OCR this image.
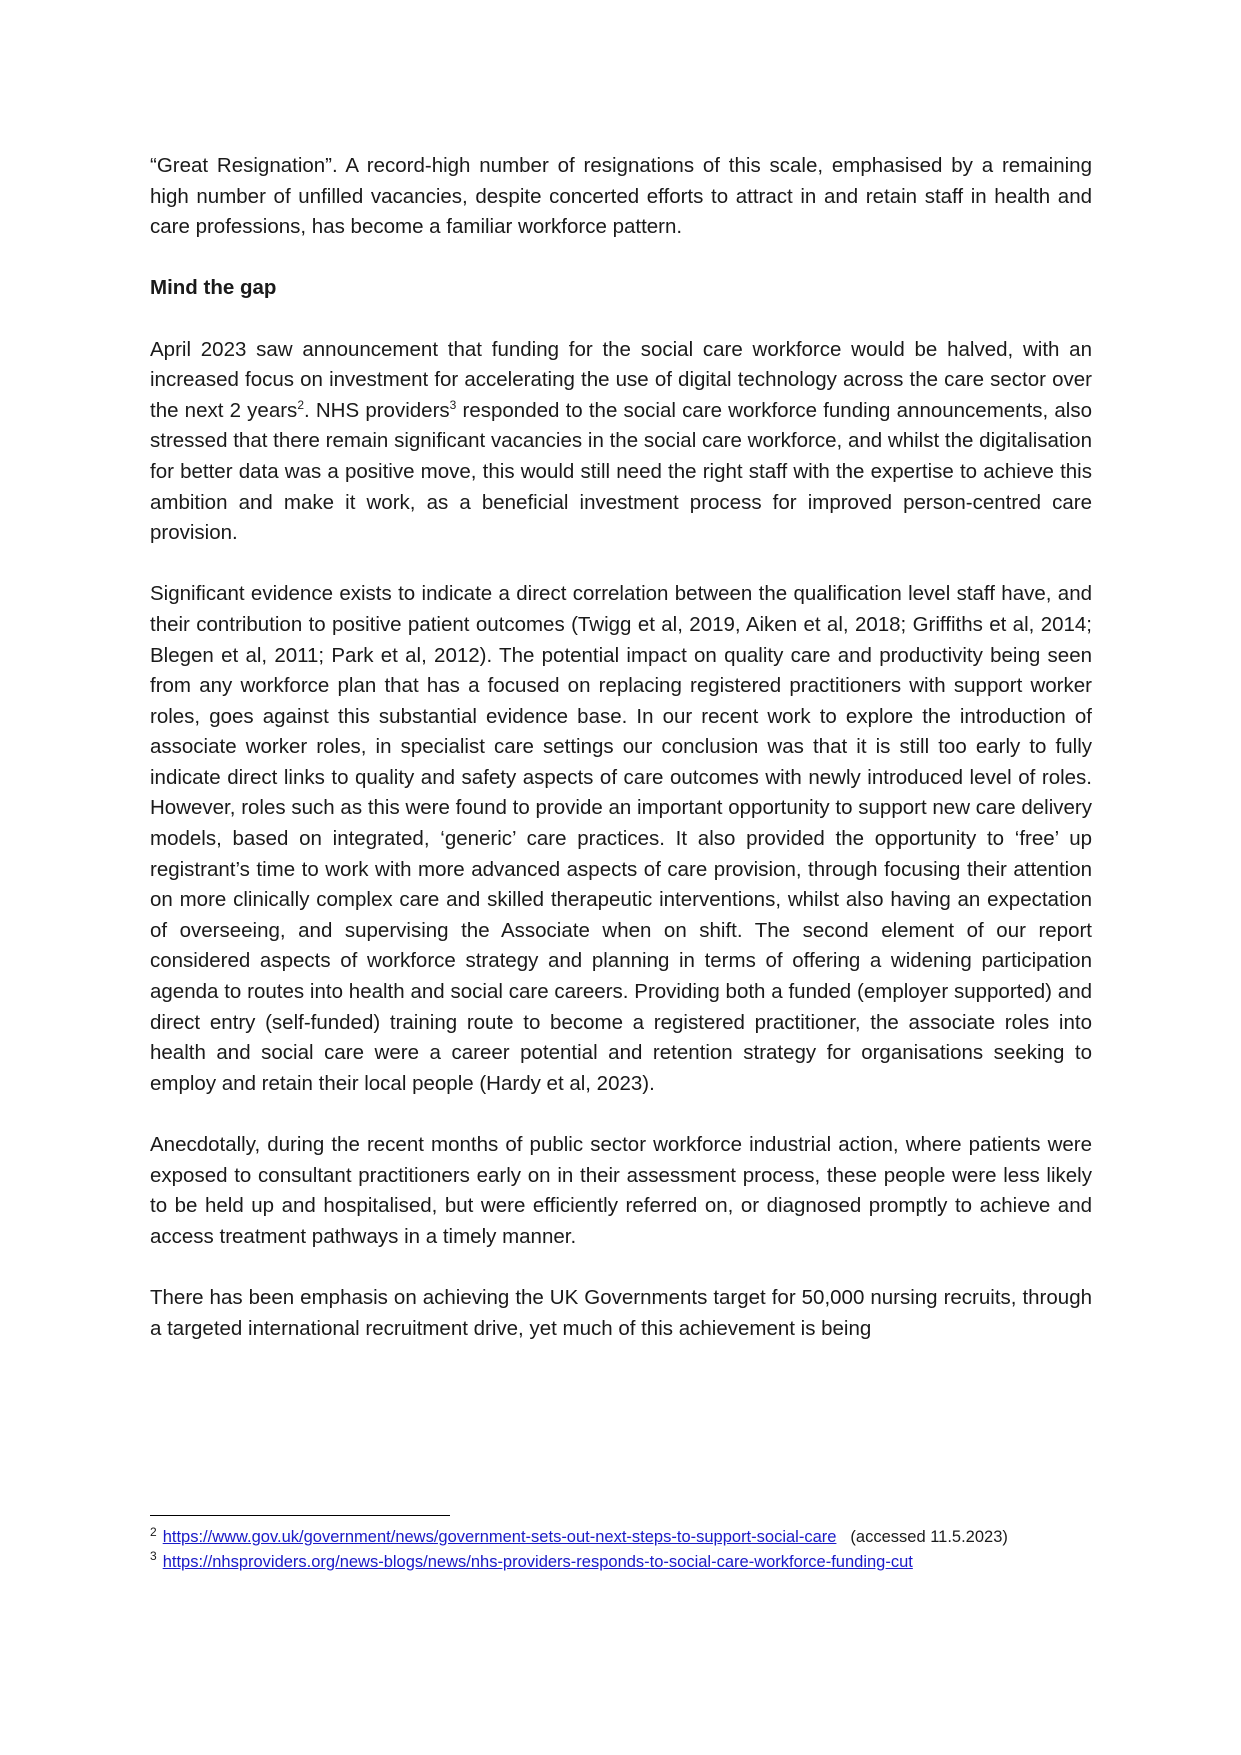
“Great Resignation”. A record-high number of resignations of this scale, emphasised by a remaining high number of unfilled vacancies, despite concerted efforts to attract in and retain staff in health and care professions, has become a familiar workforce pattern.

Mind the gap

April 2023 saw announcement that funding for the social care workforce would be halved, with an increased focus on investment for accelerating the use of digital technology across the care sector over the next 2 years$^2$. NHS providers$^3$ responded to the social care workforce funding announcements, also stressed that there remain significant vacancies in the social care workforce, and whilst the digitalisation for better data was a positive move, this would still need the right staff with the expertise to achieve this ambition and make it work, as a beneficial investment process for improved person-centred care provision.

Significant evidence exists to indicate a direct correlation between the qualification level staff have, and their contribution to positive patient outcomes (Twigg et al, 2019, Aiken et al, 2018; Griffiths et al, 2014; Blegen et al, 2011; Park et al, 2012). The potential impact on quality care and productivity being seen from any workforce plan that has a focused on replacing registered practitioners with support worker roles, goes against this substantial evidence base. In our recent work to explore the introduction of associate worker roles, in specialist care settings our conclusion was that it is still too early to fully indicate direct links to quality and safety aspects of care outcomes with newly introduced level of roles. However, roles such as this were found to provide an important opportunity to support new care delivery models, based on integrated, ‘generic’ care practices. It also provided the opportunity to ‘free’ up registrant’s time to work with more advanced aspects of care provision, through focusing their attention on more clinically complex care and skilled therapeutic interventions, whilst also having an expectation of overseeing, and supervising the Associate when on shift. The second element of our report considered aspects of workforce strategy and planning in terms of offering a widening participation agenda to routes into health and social care careers. Providing both a funded (employer supported) and direct entry (self-funded) training route to become a registered practitioner, the associate roles into health and social care were a career potential and retention strategy for organisations seeking to employ and retain their local people (Hardy et al, 2023).

Anecdotally, during the recent months of public sector workforce industrial action, where patients were exposed to consultant practitioners early on in their assessment process, these people were less likely to be held up and hospitalised, but were efficiently referred on, or diagnosed promptly to achieve and access treatment pathways in a timely manner.

There has been emphasis on achieving the UK Governments target for 50,000 nursing recruits, through a targeted international recruitment drive, yet much of this achievement is being

$^2$ https://www.gov.uk/government/news/government-sets-out-next-steps-to-support-social-care (accessed 11.5.2023)

$^3$ https://nhsproviders.org/news-blogs/news/nhs-providers-responds-to-social-care-workforce-funding-cut
